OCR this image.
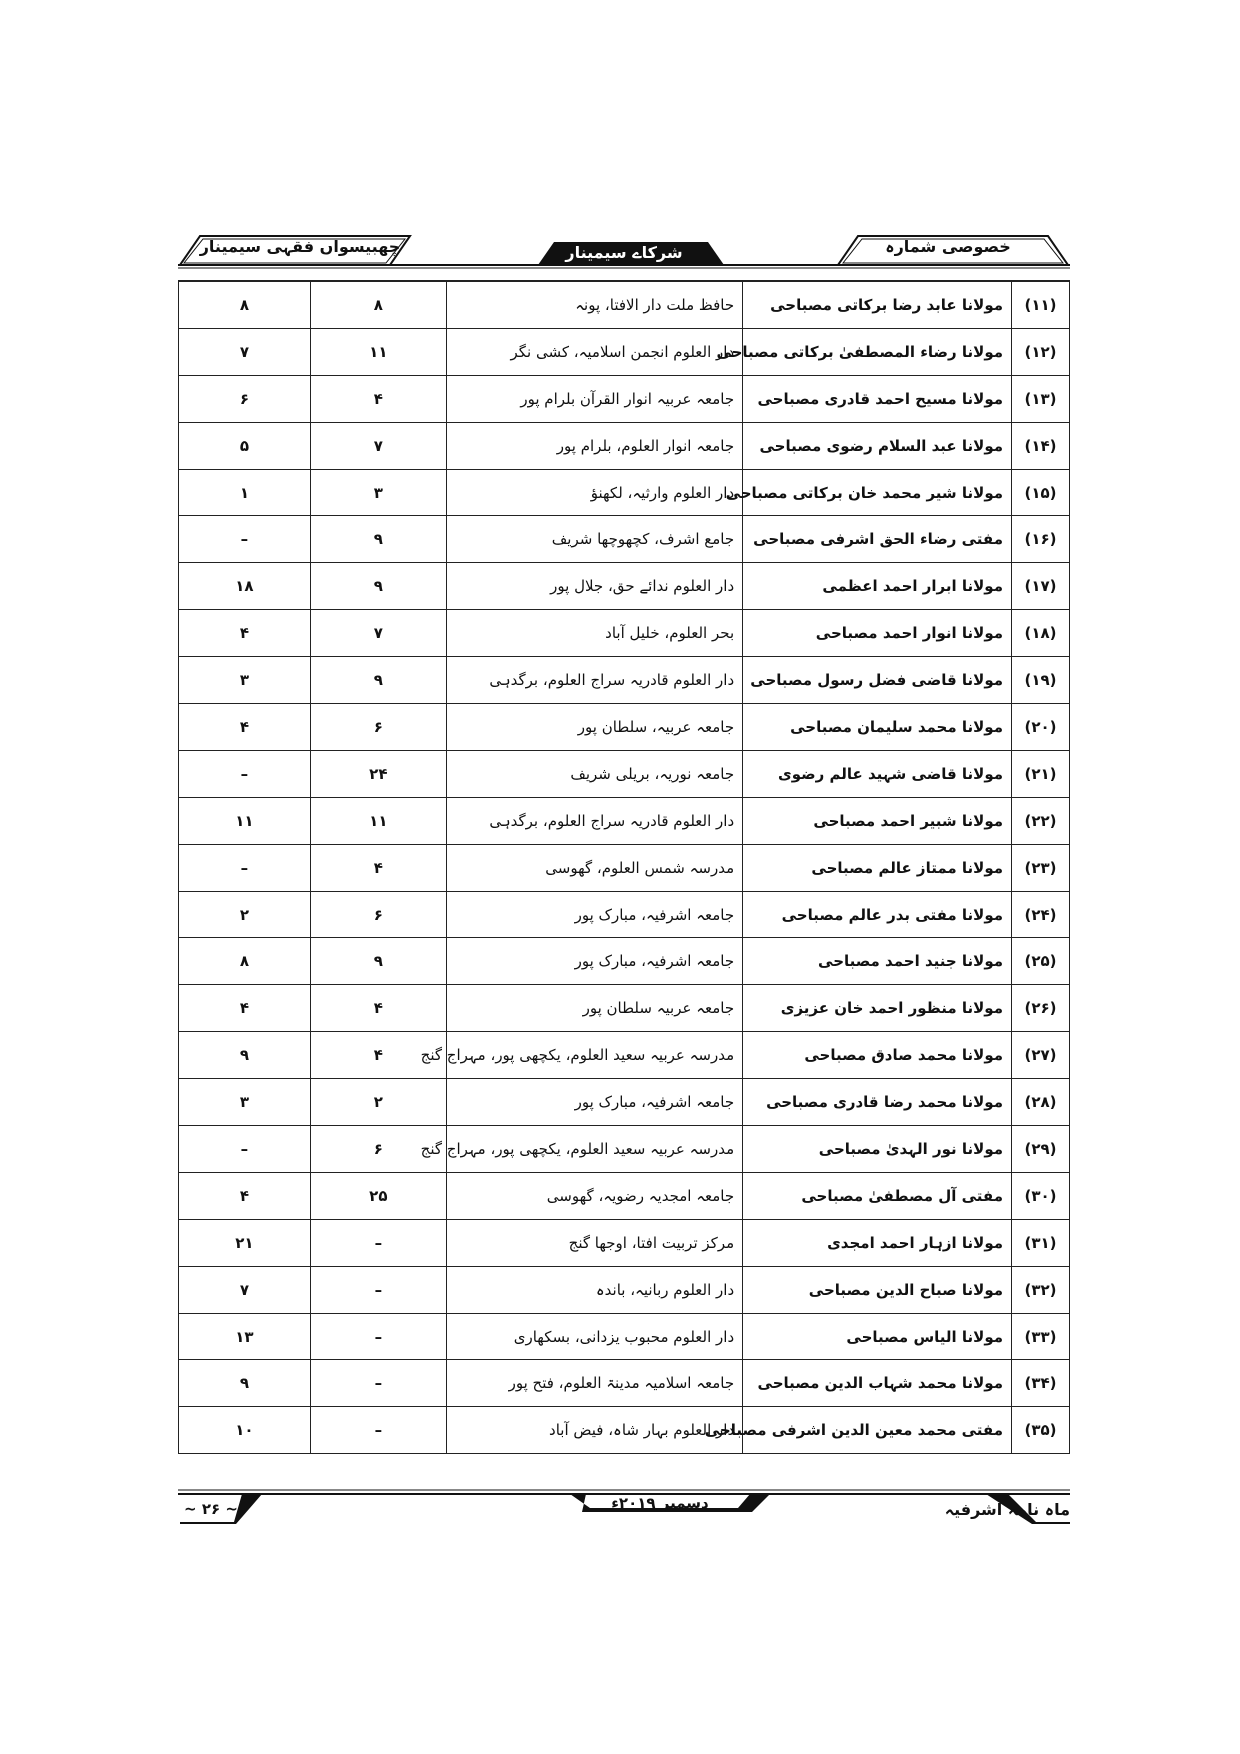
چھبیسواں فقہی سیمینار	شرکاے سیمینار	خصوصی شمارہ
(۱۱)	مولانا عابد رضا برکاتی مصباحی	حافظ ملت دار الافتا، پونہ	۸	۸
(۱۲)	مولانا رضاء المصطفیٰ برکاتی مصباحی	دار العلوم انجمن اسلامیہ، کشی نگر	۱۱	۷
(۱۳)	مولانا مسیح احمد قادری مصباحی	جامعہ عربیہ انوار القرآن بلرام پور	۴	۶
(۱۴)	مولانا عبد السلام رضوی مصباحی	جامعہ انوار العلوم، بلرام پور	۷	۵
(۱۵)	مولانا شیر محمد خان برکاتی مصباحی	دار العلوم وارثیہ، لکھنؤ	۳	۱
(۱۶)	مفتی رضاء الحق اشرفی مصباحی	جامع اشرف، کچھوچھا شریف	۹	–
(۱۷)	مولانا ابرار احمد اعظمی	دار العلوم ندائے حق، جلال پور	۹	۱۸
(۱۸)	مولانا انوار احمد مصباحی	بحر العلوم، خلیل آباد	۷	۴
(۱۹)	مولانا قاضی فضل رسول مصباحی	دار العلوم قادریہ سراج العلوم، برگدہی	۹	۳
(۲۰)	مولانا محمد سلیمان مصباحی	جامعہ عربیہ، سلطان پور	۶	۴
(۲۱)	مولانا قاضی شہید عالم رضوی	جامعہ نوریہ، بریلی شریف	۲۴	–
(۲۲)	مولانا شبیر احمد مصباحی	دار العلوم قادریہ سراج العلوم، برگدہی	۱۱	۱۱
(۲۳)	مولانا ممتاز عالم مصباحی	مدرسہ شمس العلوم، گھوسی	۴	–
(۲۴)	مولانا مفتی بدر عالم مصباحی	جامعہ اشرفیہ، مبارک پور	۶	۲
(۲۵)	مولانا جنید احمد مصباحی	جامعہ اشرفیہ، مبارک پور	۹	۸
(۲۶)	مولانا منظور احمد خان عزیزی	جامعہ عربیہ سلطان پور	۴	۴
(۲۷)	مولانا محمد صادق مصباحی	مدرسہ عربیہ سعید العلوم، یکچھی پور، مہراج گنج	۴	۹
(۲۸)	مولانا محمد رضا قادری مصباحی	جامعہ اشرفیہ، مبارک پور	۲	۳
(۲۹)	مولانا نور الہدیٰ مصباحی	مدرسہ عربیہ سعید العلوم، یکچھی پور، مہراج گنج	۶	–
(۳۰)	مفتی آل مصطفیٰ مصباحی	جامعہ امجدیہ رضویہ، گھوسی	۲۵	۴
(۳۱)	مولانا ازہار احمد امجدی	مرکز تربیت افتا، اوجھا گنج	–	۲۱
(۳۲)	مولانا صباح الدین مصباحی	دار العلوم ربانیہ، باندہ	–	۷
(۳۳)	مولانا الیاس مصباحی	دار العلوم محبوب یزدانی، بسکھاری	–	۱۳
(۳۴)	مولانا محمد شہاب الدین مصباحی	جامعہ اسلامیہ مدینۃ العلوم، فتح پور	–	۹
(۳۵)	مفتی محمد معین الدین اشرفی مصباحی	دار العلوم بہار شاہ، فیض آباد	–	۱۰
~ ۲۶ ~	دسمبر ۲۰۱۹ء	ماہ نامہ اشرفیہ
